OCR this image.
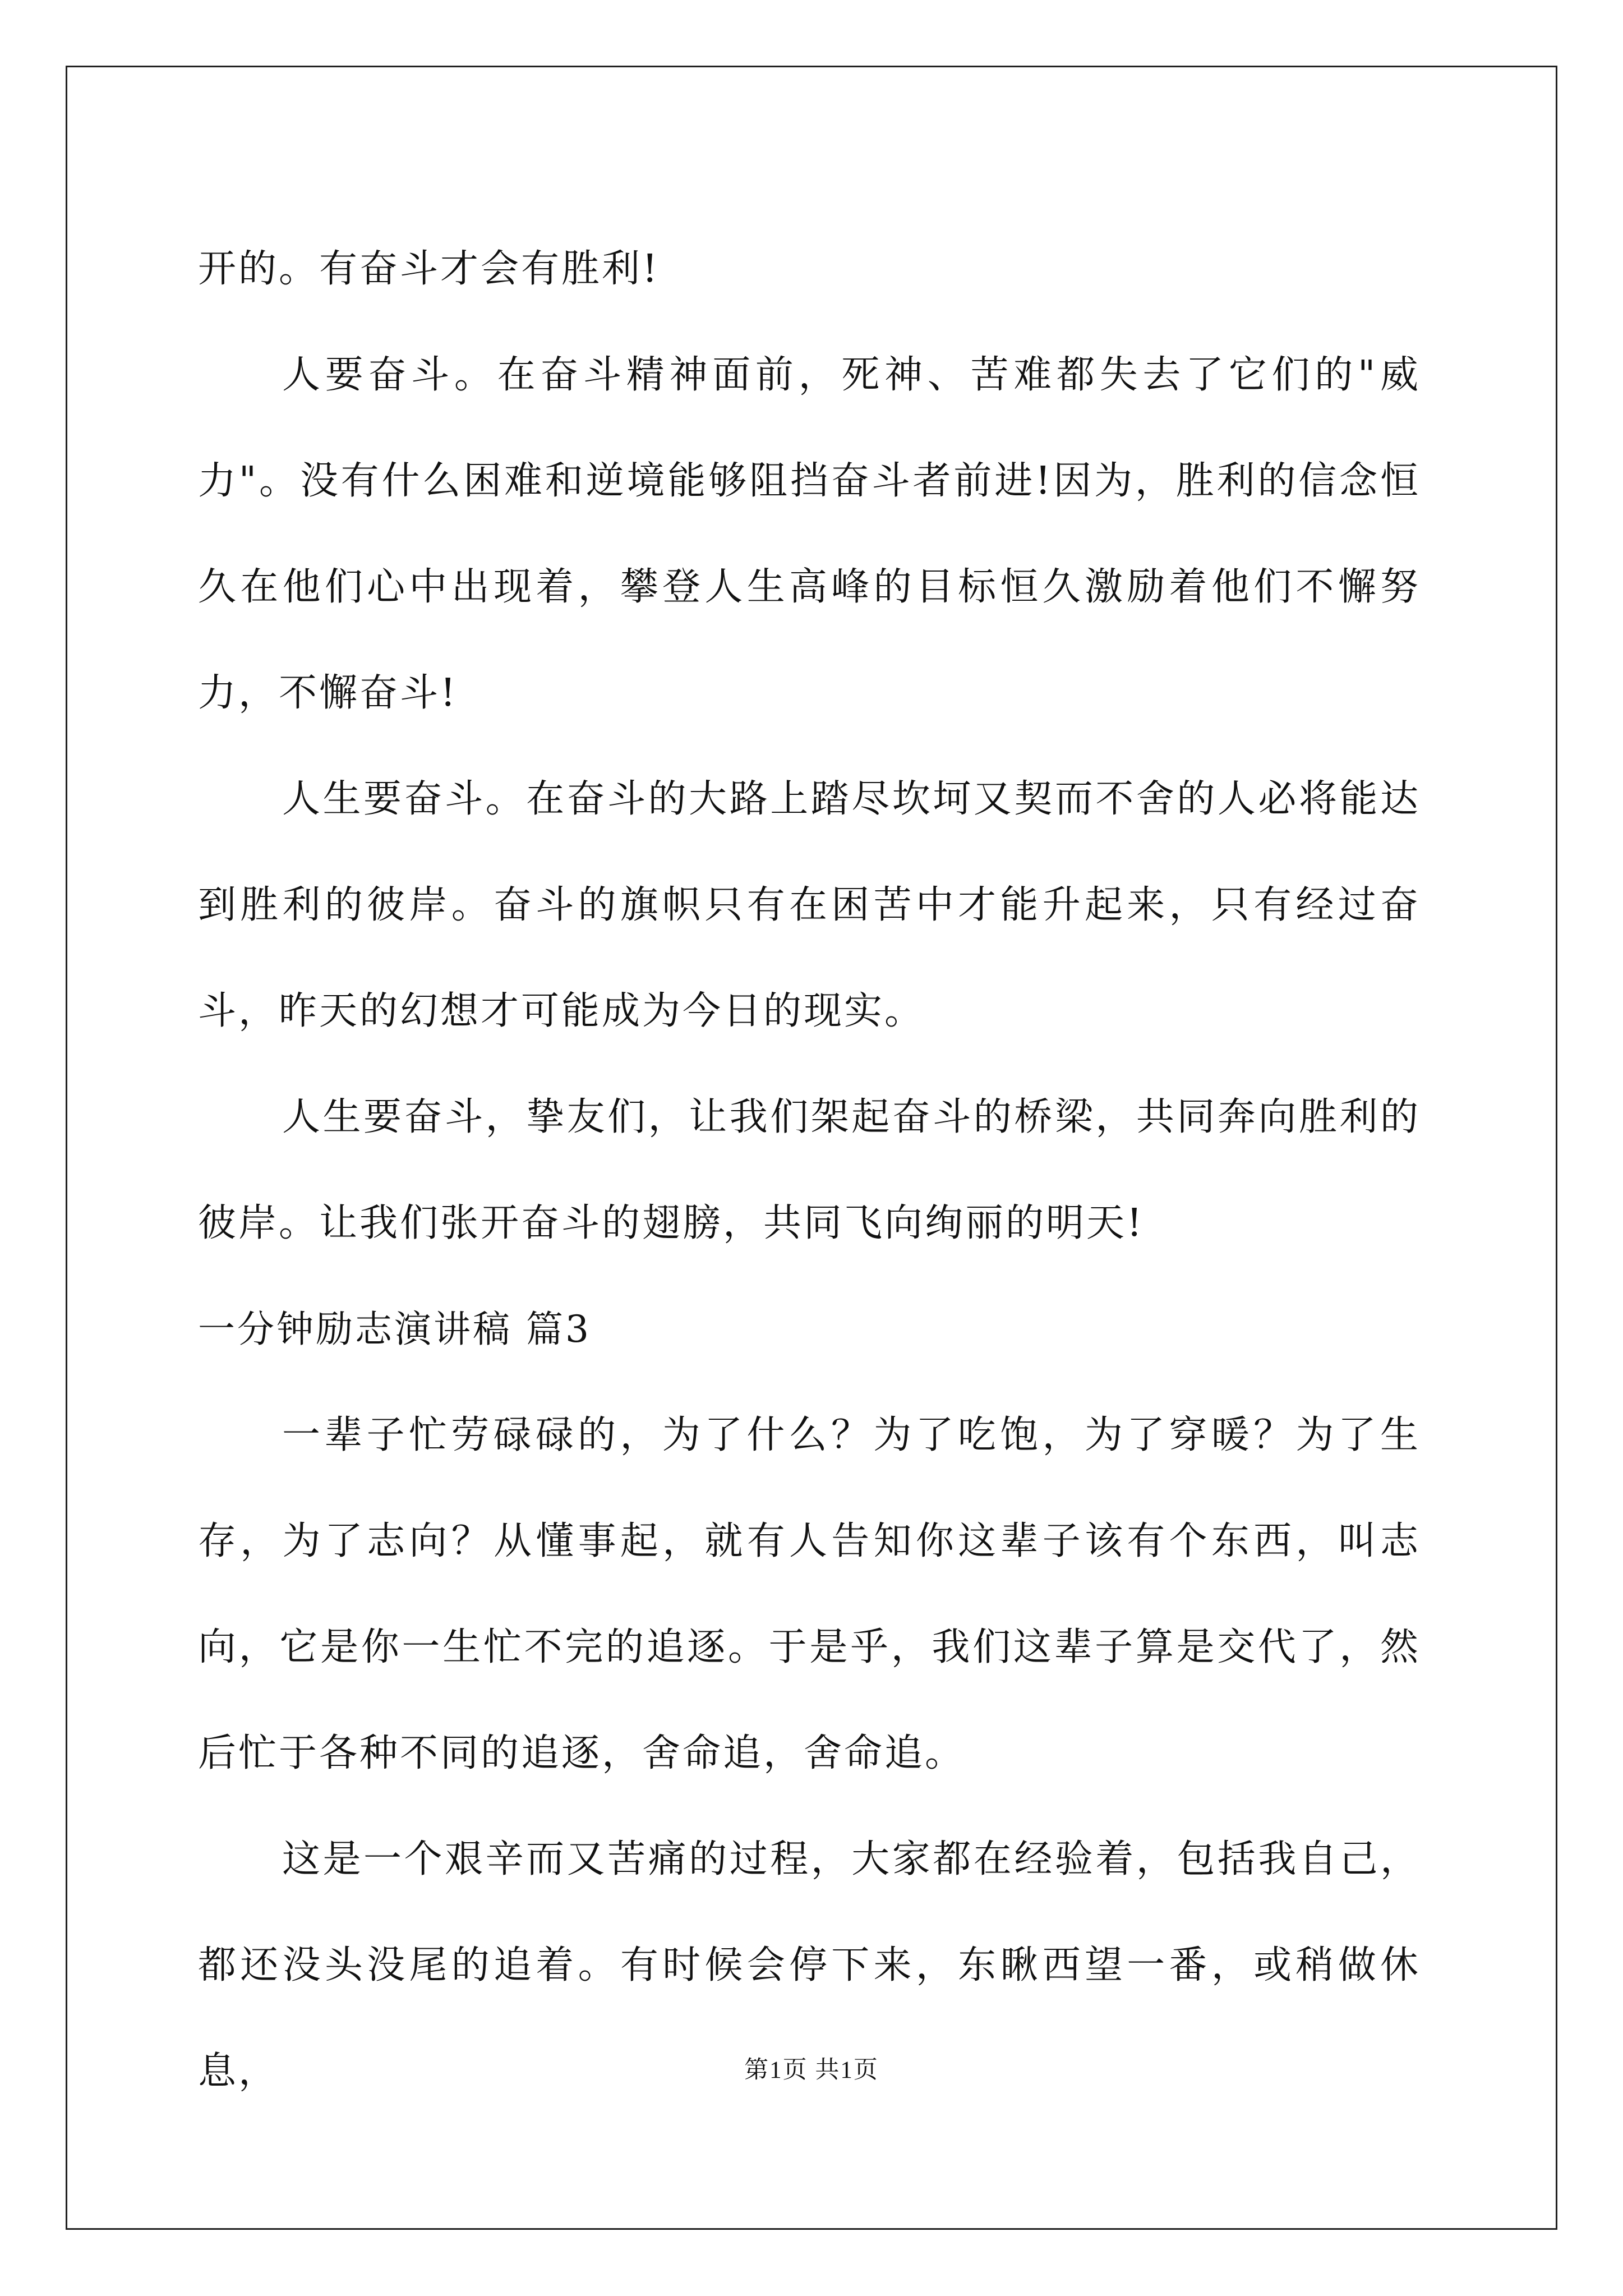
开的。有奋斗才会有胜利!

人要奋斗。在奋斗精神面前，死神、苦难都失去了它们的"威力"。没有什么困难和逆境能够阻挡奋斗者前进!因为，胜利的信念恒久在他们心中出现着，攀登人生高峰的目标恒久激励着他们不懈努力，不懈奋斗!

人生要奋斗。在奋斗的大路上踏尽坎坷又契而不舍的人必将能达到胜利的彼岸。奋斗的旗帜只有在困苦中才能升起来，只有经过奋斗，昨天的幻想才可能成为今日的现实。

人生要奋斗，挚友们，让我们架起奋斗的桥梁，共同奔向胜利的彼岸。让我们张开奋斗的翅膀，共同飞向绚丽的明天!

一分钟励志演讲稿 篇3

一辈子忙劳碌碌的，为了什么？为了吃饱，为了穿暖？为了生存，为了志向？从懂事起，就有人告知你这辈子该有个东西，叫志向，它是你一生忙不完的追逐。于是乎，我们这辈子算是交代了，然后忙于各种不同的追逐，舍命追，舍命追。

这是一个艰辛而又苦痛的过程，大家都在经验着，包括我自己，都还没头没尾的追着。有时候会停下来，东瞅西望一番，或稍做休息，	第1页 共1页
